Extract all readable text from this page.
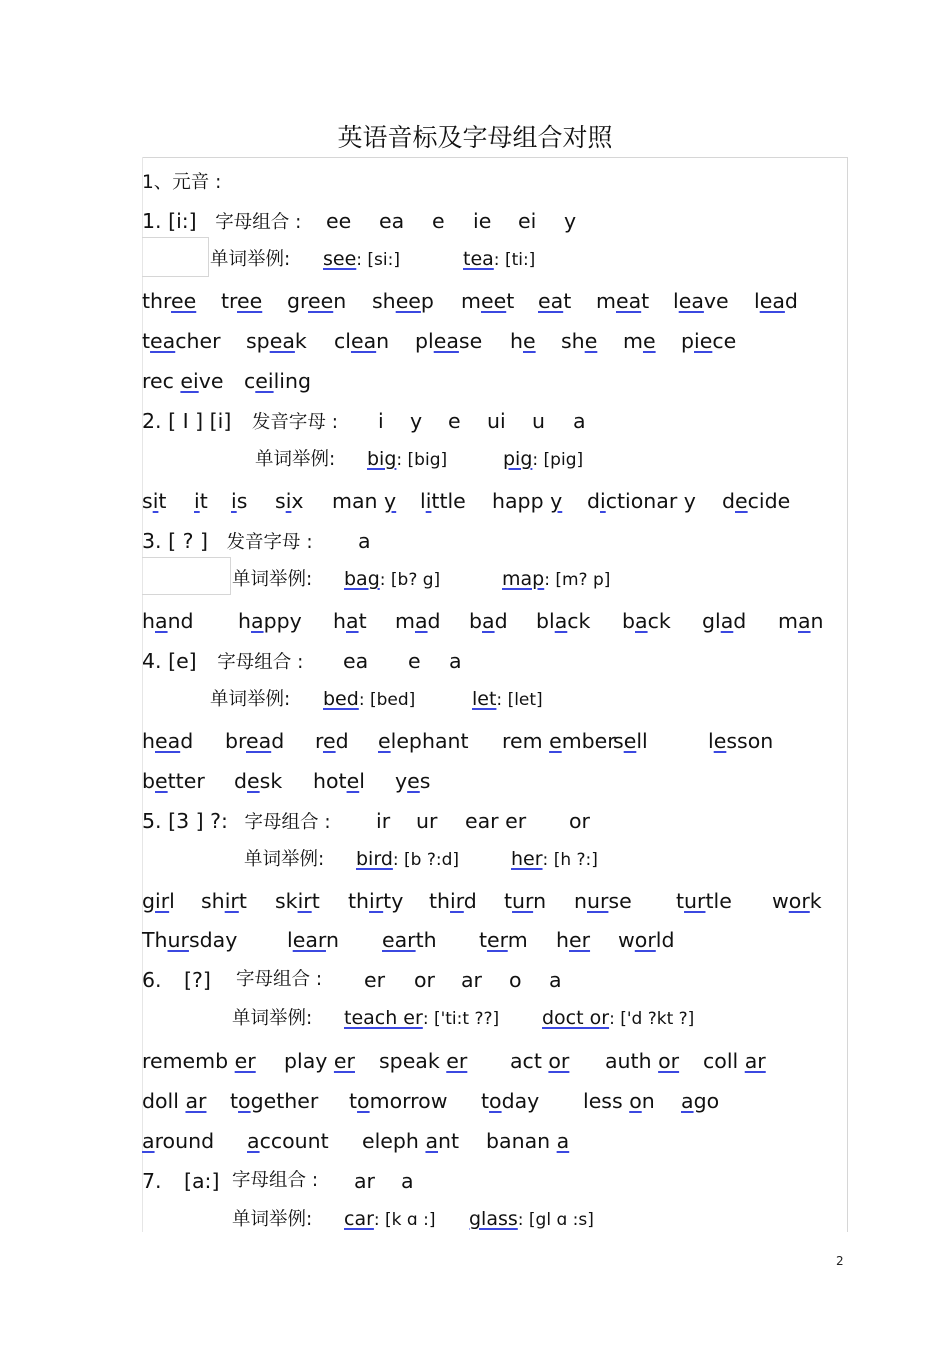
英语音标及字母组合对照
1、元音 :
1. [i:] 字母组合 : ee ea e ie ei y
单词举例: see: [si:]	tea: [ti:]
three tree green sheep meet eat meat leave lead
teacher speak clean please he she me piece
rec eive ceiling
2. [ I ] [i] 发音字母 : i y e ui u a
单词举例: big: [big]	pig: [pig]
sit it is six man y little happ y dictionar y decide
3. [ ? ] 发音字母 : a
单词举例: bag: [b? g]	map: [m? p]
hand happy hat mad bad black back glad man
4. [e] 字母组合 : ea e a
单词举例: bed: [bed]	let: [let]
head bread red elephant rem ember
sell	lesson
better desk hotel yes
5. [3 ] ?: 字母组合 : ir ur ear er or
单词举例: bird: [b ?:d]	her: [h ?:]
girl shirt skirt thirty third turn nurse turtle work
Thursday learn earth term her world
6. [?] 字母组合 : er or ar o a
单词举例: teach er: ['ti:t ??] doct or: ['d ?kt ?]
rememb er play er speak er act or auth or coll ar
doll ar together tomorrow today less on ago
around account eleph ant banan a
7. [a:] 字母组合 : ar a
单词举例: car: [k ɑ :] glass: [gl ɑ :s]
2
